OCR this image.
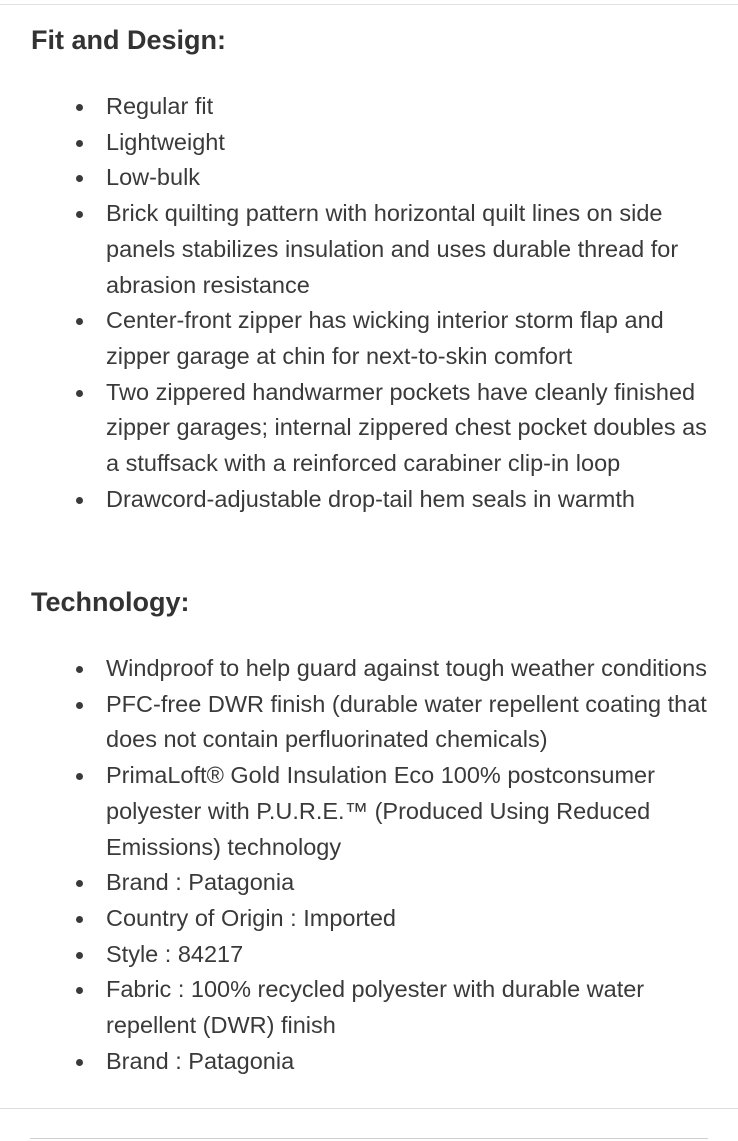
Fit and Design:
Regular fit
Lightweight
Low-bulk
Brick quilting pattern with horizontal quilt lines on side panels stabilizes insulation and uses durable thread for abrasion resistance
Center-front zipper has wicking interior storm flap and zipper garage at chin for next-to-skin comfort
Two zippered handwarmer pockets have cleanly finished zipper garages; internal zippered chest pocket doubles as a stuffsack with a reinforced carabiner clip-in loop
Drawcord-adjustable drop-tail hem seals in warmth
Technology:
Windproof to help guard against tough weather conditions
PFC-free DWR finish (durable water repellent coating that does not contain perfluorinated chemicals)
PrimaLoft® Gold Insulation Eco 100% postconsumer polyester with P.U.R.E.™ (Produced Using Reduced Emissions) technology
Brand : Patagonia
Country of Origin : Imported
Style : 84217
Fabric : 100% recycled polyester with durable water repellent (DWR) finish
Brand : Patagonia
